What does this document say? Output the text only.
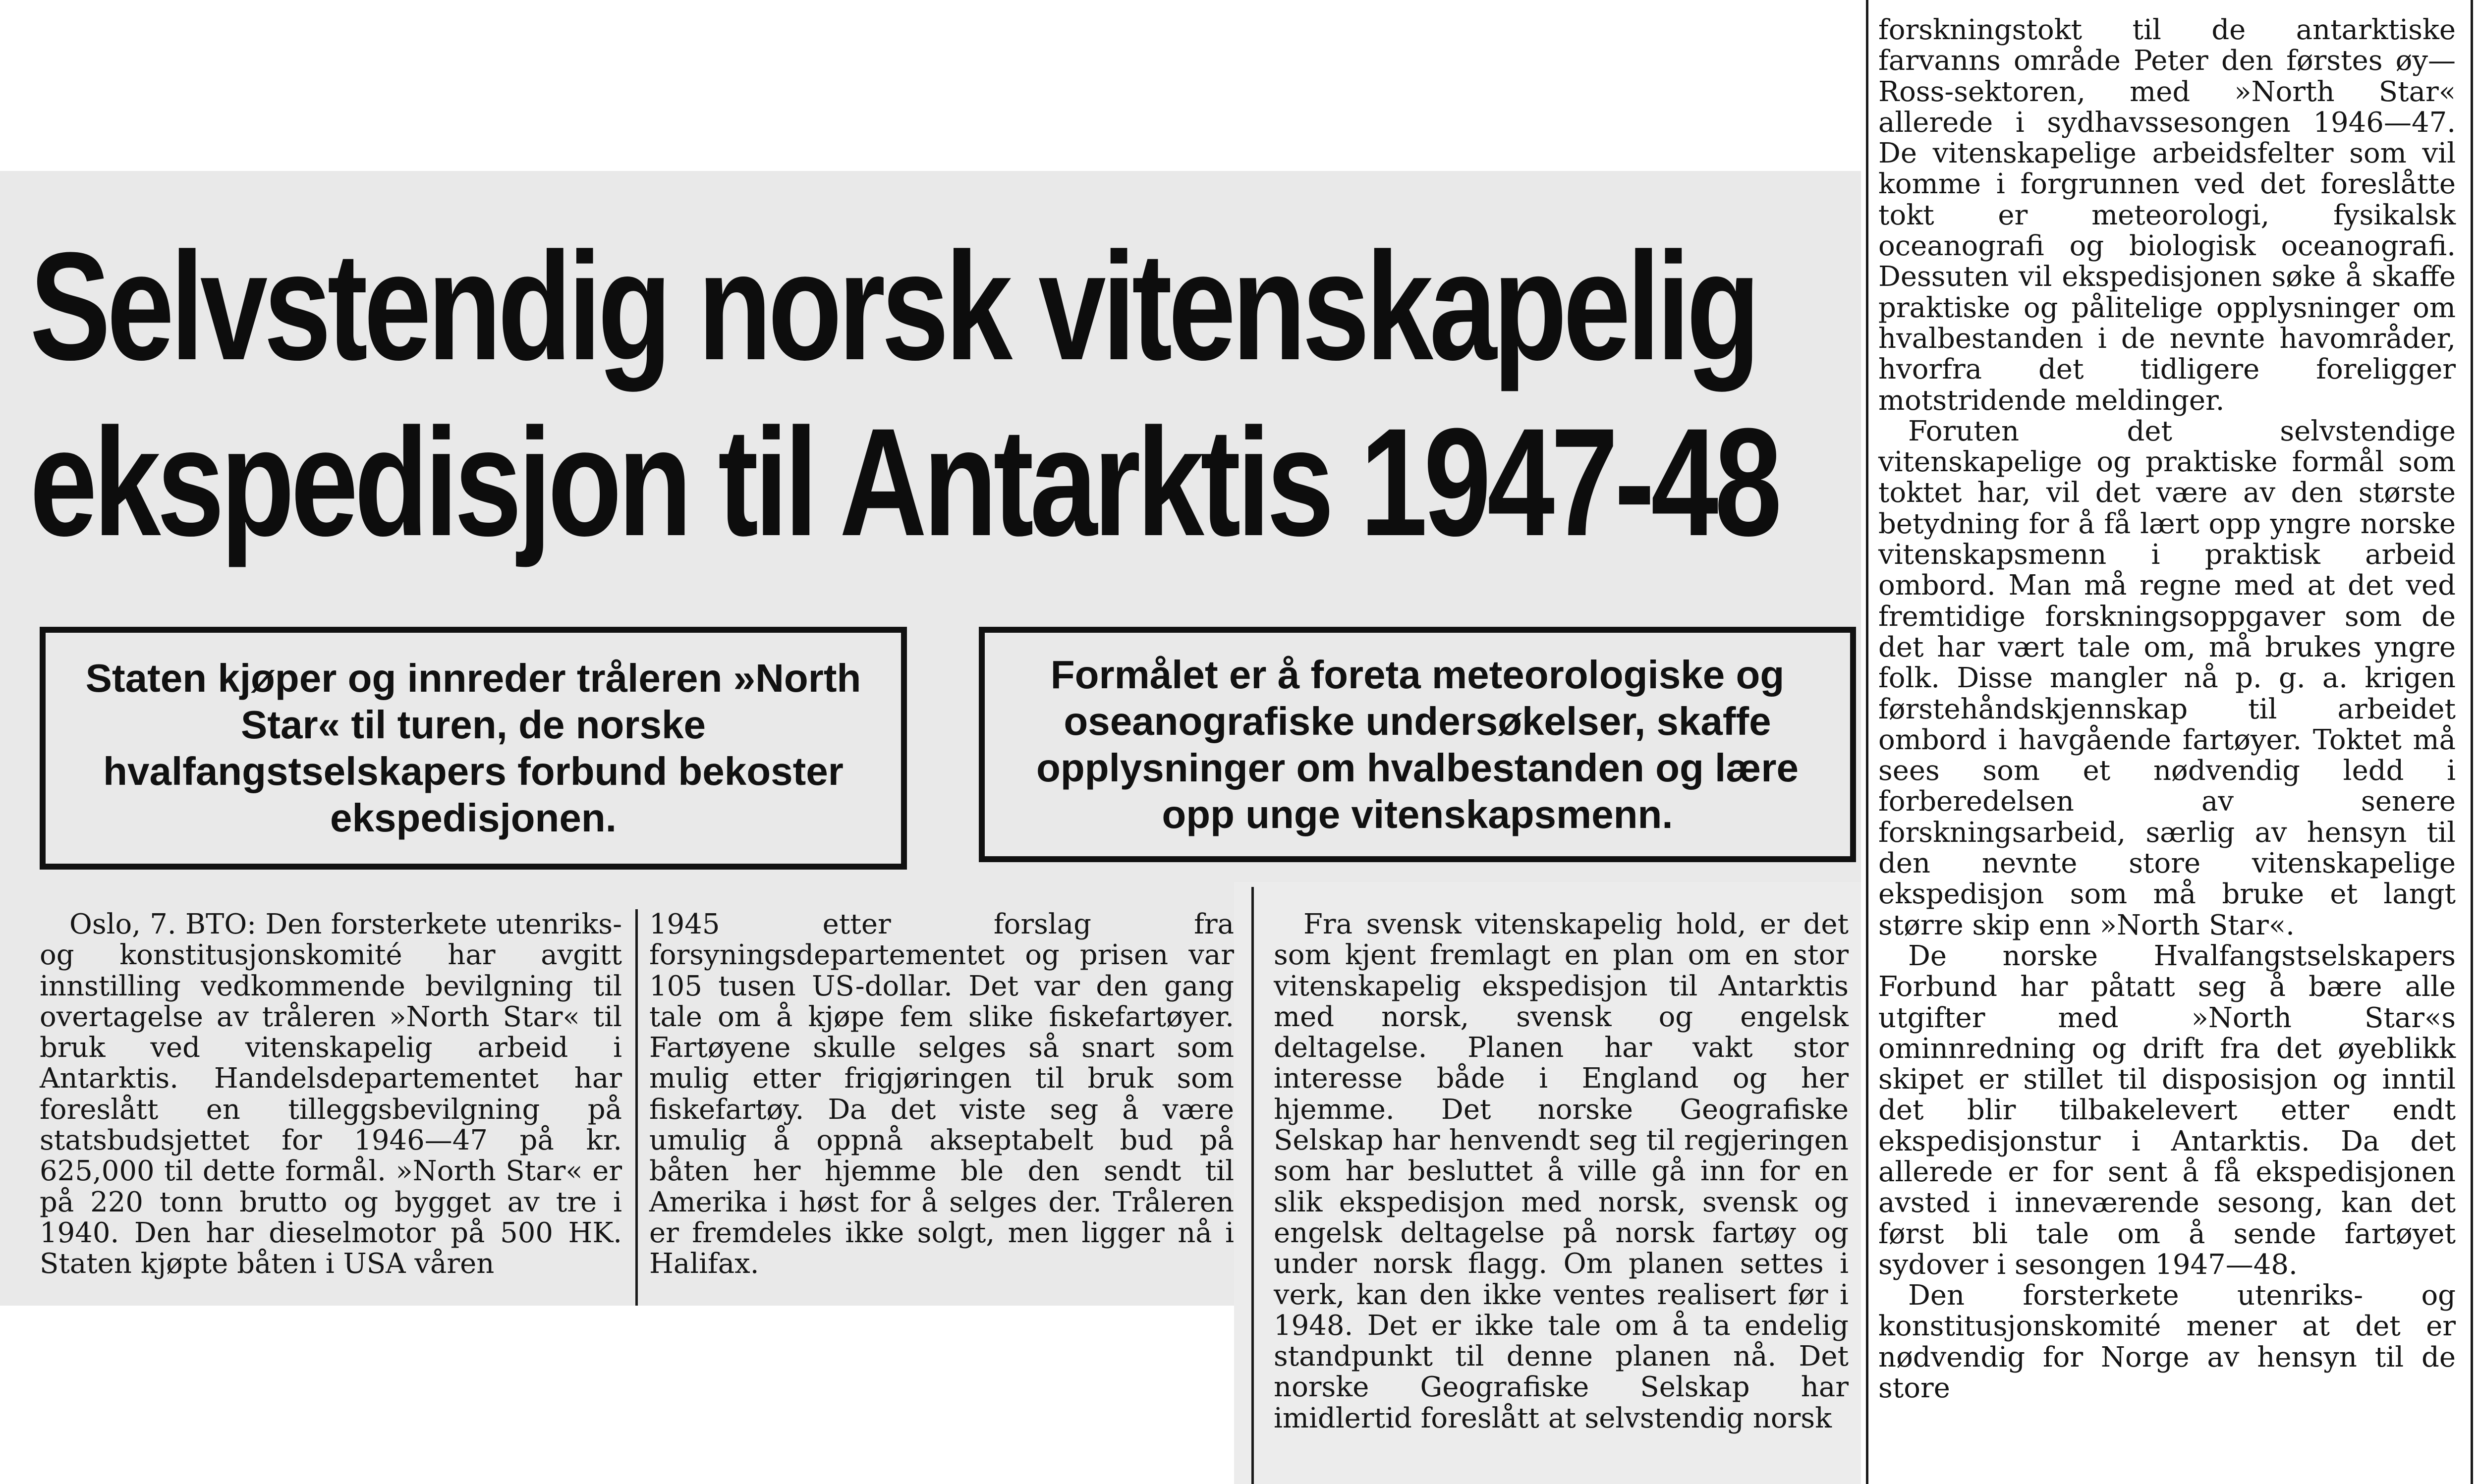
Selvstendig norsk vitenskapelig
ekspedisjon til Antarktis 1947-48
Staten kjøper og innreder tråleren »North Star« til turen, de norske hvalfangstselskapers forbund bekoster ekspedisjonen.
Formålet er å foreta meteorologiske og oseanografiske undersøkelser, skaffe opplysninger om hvalbestanden og lære opp unge vitenskapsmenn.

Oslo, 7. BTO: Den forsterkete utenriks- og konstitusjonskomité har avgitt innstilling vedkommende bevilgning til overtagelse av tråleren »North Star« til bruk ved vitenskapelig arbeid i Antarktis. Handelsdepartementet har foreslått en tilleggsbevilgning på statsbudsjettet for 1946—47 på kr. 625,000 til dette formål. »North Star« er på 220 tonn brutto og bygget av tre i 1940. Den har dieselmotor på 500 HK. Staten kjøpte båten i USA våren

1945 etter forslag fra forsyningsdepartementet og prisen var 105 tusen US-dollar. Det var den gang tale om å kjøpe fem slike fiskefartøyer. Fartøyene skulle selges så snart som mulig etter frigjøringen til bruk som fiskefartøy. Da det viste seg å være umulig å oppnå akseptabelt bud på båten her hjemme ble den sendt til Amerika i høst for å selges der. Tråleren er fremdeles ikke solgt, men ligger nå i Halifax.

Fra svensk vitenskapelig hold, er det som kjent fremlagt en plan om en stor vitenskapelig ekspedisjon til Antarktis med norsk, svensk og engelsk deltagelse. Planen har vakt stor interesse både i England og her hjemme. Det norske Geografiske Selskap har henvendt seg til regjeringen som har besluttet å ville gå inn for en slik ekspedisjon med norsk, svensk og engelsk deltagelse på norsk fartøy og under norsk flagg. Om planen settes i verk, kan den ikke ventes realisert før i 1948. Det er ikke tale om å ta endelig standpunkt til denne planen nå. Det norske Geografiske Selskap har imidlertid foreslått at selvstendig norsk

forskningstokt til de antarktiske farvanns område Peter den førstes øy—Ross-sektoren, med »North Star« allerede i sydhavssesongen 1946—47. De vitenskapelige arbeidsfelter som vil komme i forgrunnen ved det foreslåtte tokt er meteorologi, fysikalsk oceanografi og biologisk oceanografi. Dessuten vil ekspedisjonen søke å skaffe praktiske og pålitelige opplysninger om hvalbestanden i de nevnte havområder, hvorfra det tidligere foreligger motstridende meldinger.

Foruten det selvstendige vitenskapelige og praktiske formål som toktet har, vil det være av den største betydning for å få lært opp yngre norske vitenskapsmenn i praktisk arbeid ombord. Man må regne med at det ved fremtidige forskningsoppgaver som de det har vært tale om, må brukes yngre folk. Disse mangler nå p. g. a. krigen førstehåndskjennskap til arbeidet ombord i havgående fartøyer. Toktet må sees som et nødvendig ledd i forberedelsen av senere forskningsarbeid, særlig av hensyn til den nevnte store vitenskapelige ekspedisjon som må bruke et langt større skip enn »North Star«.

De norske Hvalfangstselskapers Forbund har påtatt seg å bære alle utgifter med »North Star«s ominnredning og drift fra det øyeblikk skipet er stillet til disposisjon og inntil det blir tilbakelevert etter endt ekspedisjonstur i Antarktis. Da det allerede er for sent å få ekspedisjonen avsted i inneværende sesong, kan det først bli tale om å sende fartøyet sydover i sesongen 1947—48.

Den forsterkete utenriks- og konstitusjonskomité mener at det er nødvendig for Norge av hensyn til de store
